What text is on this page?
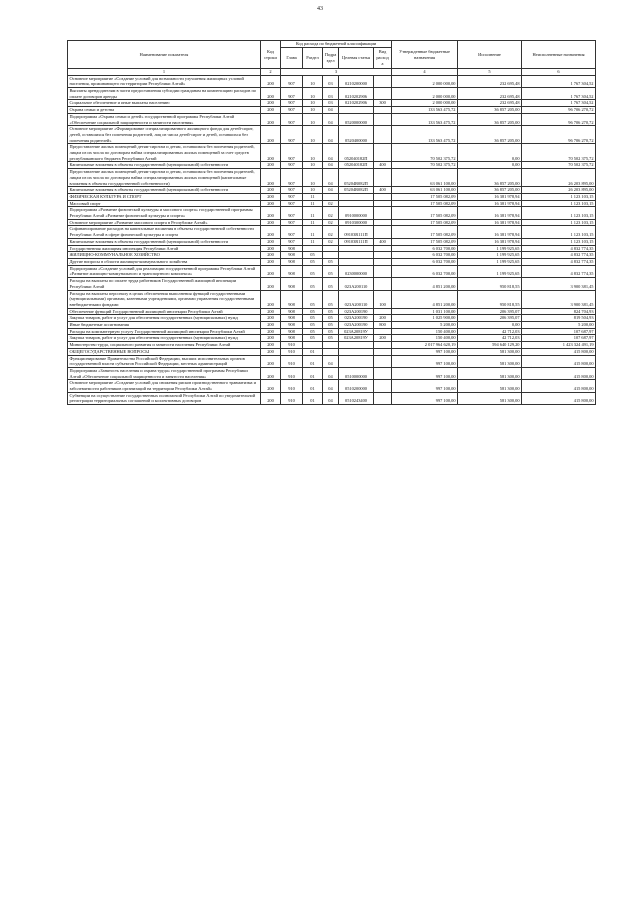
43
Наименование показателя	Код строки	Код расхода по бюджетной классификации					Утвержденные бюджетные назначения	Исполнение	Неисполненные назначения
		Глава	Раздел	Подраздел	Целевая статья	Вид расхода			
1	2	3					4	5	6
Основное мероприятие «Создание условий для возможности улучшения жилищных условий населения, проживающего на территории Республики Алтай»	200	907	10	03	0210200000		2 000 000,00	232 695,48	1 767 304,52
Выплаты арендодателям в части предоставления субсидии гражданам на компенсацию расходов по оплате договоров аренды	200	907	10	03	0210202906		2 000 000,00	232 695,48	1 767 304,52
Социальное обеспечение и иные выплаты населению	200	907	10	03	0210202906	300	2 000 000,00	232 695,48	1 767 304,52
Охрана семьи и детства	200	907	10	04			133 563 475,72	36 857 205,00	96 706 270,72
Подпрограмма «Охрана семьи и детей» государственной программы Республики Алтай «Обеспечение социальной защищенности и занятости населения»	200	907	10	04	0520000000		133 563 475,72	36 857 205,00	96 706 270,72
Основное мероприятие «Формирование специализированного жилищного фонда для детей-сирот, детей, оставшихся без попечения родителей, лиц из числа детей-сирот и детей, оставшихся без попечения родителей»	200	907	10	04	0520400000		133 563 475,72	36 857 205,00	96 706 270,72
Предоставление жилых помещений детям-сиротам и детям, оставшимся без попечения родителей, лицам из их числа по договорам найма специализированных жилых помещений за счет средств республиканского бюджета Республики Алтай	200	907	10	04	052040182П		70 502 375,72	0,00	70 502 375,72
Капитальные вложения в объекты государственной (муниципальной) собственности	200	907	10	04	052040182П	400	70 502 375,72	0,00	70 502 375,72
Предоставление жилых помещений детям-сиротам и детям, оставшимся без попечения родителей, лицам из их числа по договорам найма специализированных жилых помещений (капитальные вложения в объекты государственной собственности)	200	907	10	04	05204R082П		63 061 100,00	36 857 205,00	26 203 895,00
Капитальные вложения в объекты государственной (муниципальной) собственности	200	907	10	04	05204R082П	400	63 061 100,00	36 857 205,00	26 203 895,00
ФИЗИЧЕСКАЯ КУЛЬТУРА И СПОРТ	200	907	11				17 505 082,09	16 381 978,94	1 123 103,15
Массовый спорт	200	907	11	02			17 505 082,09	16 381 978,94	1 123 103,15
Подпрограмма «Развитие физической культуры и массового спорта» государственной программы Республики Алтай «Развитие физической культуры и спорта»	200	907	11	02	0910000000		17 505 082,09	16 381 978,94	1 123 103,15
Основное мероприятие «Развитие массового спорта в Республике Алтай»	200	907	11	02	0910300000		17 505 082,09	16 381 978,94	1 123 103,15
Софинансирование расходов на капитальные вложения в объекты государственной собственности Республики Алтай в сфере физической культуры и спорта	200	907	11	02	09103R111П		17 505 082,09	16 381 978,94	1 123 103,15
Капитальные вложения в объекты государственной (муниципальной) собственности	200	907	11	02	09103R111П	400	17 505 082,09	16 381 978,94	1 123 103,15
Государственная жилищная инспекция Республики Алтай	200	908					6 032 700,00	1 199 925,65	4 832 774,35
ЖИЛИЩНО-КОММУНАЛЬНОЕ ХОЗЯЙСТВО	200	908	05				6 032 700,00	1 199 925,65	4 832 774,35
Другие вопросы в области жилищно-коммунального хозяйства	200	908	05	05			6 032 700,00	1 199 925,65	4 832 774,35
Подпрограмма «Создание условий для реализации государственной программы Республики Алтай «Развитие жилищно-коммунального и транспортного комплекса»	200	908	05	05	0230000000		6 032 700,00	1 199 925,65	4 832 774,35
Расходы на выплаты по оплате труда работников Государственной жилищной инспекции Республики Алтай	200	908	05	05	023A200110		4 851 200,00	950 818,55	3 900 381,45
Расходы на выплаты персоналу в целях обеспечения выполнения функций государственными (муниципальными) органами, казенными учреждениями, органами управления государственными внебюджетными фондами	200	908	05	05	023A200110	100	4 851 200,00	950 818,55	3 900 381,45
Обеспечение функций Государственной жилищной инспекции Республики Алтай	200	908	05	05	023A200190		1 031 100,00	206 395,07	824 704,93
Закупка товаров, работ и услуг для обеспечения государственных (муниципальных) нужд	200	908	05	05	023A200190	200	1 025 900,00	206 395,07	819 504,93
Иные бюджетные ассигнования	200	908	05	05	023A200190	800	5 200,00	0,00	5 200,00
Расходы на компьютерную услугу Государственной жилищной инспекции Республики Алтай	200	908	05	05	023A20819У		150 400,00	42 712,03	107 687,97
Закупка товаров, работ и услуг для обеспечения государственных (муниципальных) нужд	200	908	05	05	023A20819У	200	150 400,00	42 712,03	107 687,97
Министерство труда, социального развития и занятости населения Республики Алтай	200	910					2 017 964 620,19	594 640 129,20	1 423 324 491,19
ОБЩЕГОСУДАРСТВЕННЫЕ ВОПРОСЫ	200	910	01				997 100,00	581 300,00	415 800,00
Функционирование Правительства Российской Федерации, высших исполнительных органов государственной власти субъектов Российской Федерации, местных администраций	200	910	01	04			997 100,00	581 300,00	415 800,00
Подпрограмма «Занятость населения и охрана труда» государственной программы Республики Алтай «Обеспечение социальной защищенности и занятости населения»	200	910	01	04	0510000000		997 100,00	581 300,00	415 800,00
Основное мероприятие «Создание условий для снижения рисков производственного травматизма и заболеваемости работников организаций на территории Республики Алтай»	200	910	01	04	0510200000		997 100,00	581 300,00	415 800,00
Субвенции на осуществление государственных полномочий Республики Алтай по уведомительной регистрации территориальных соглашений и коллективных договоров	200	910	01	04	0510243400		997 100,00	581 300,00	415 800,00
